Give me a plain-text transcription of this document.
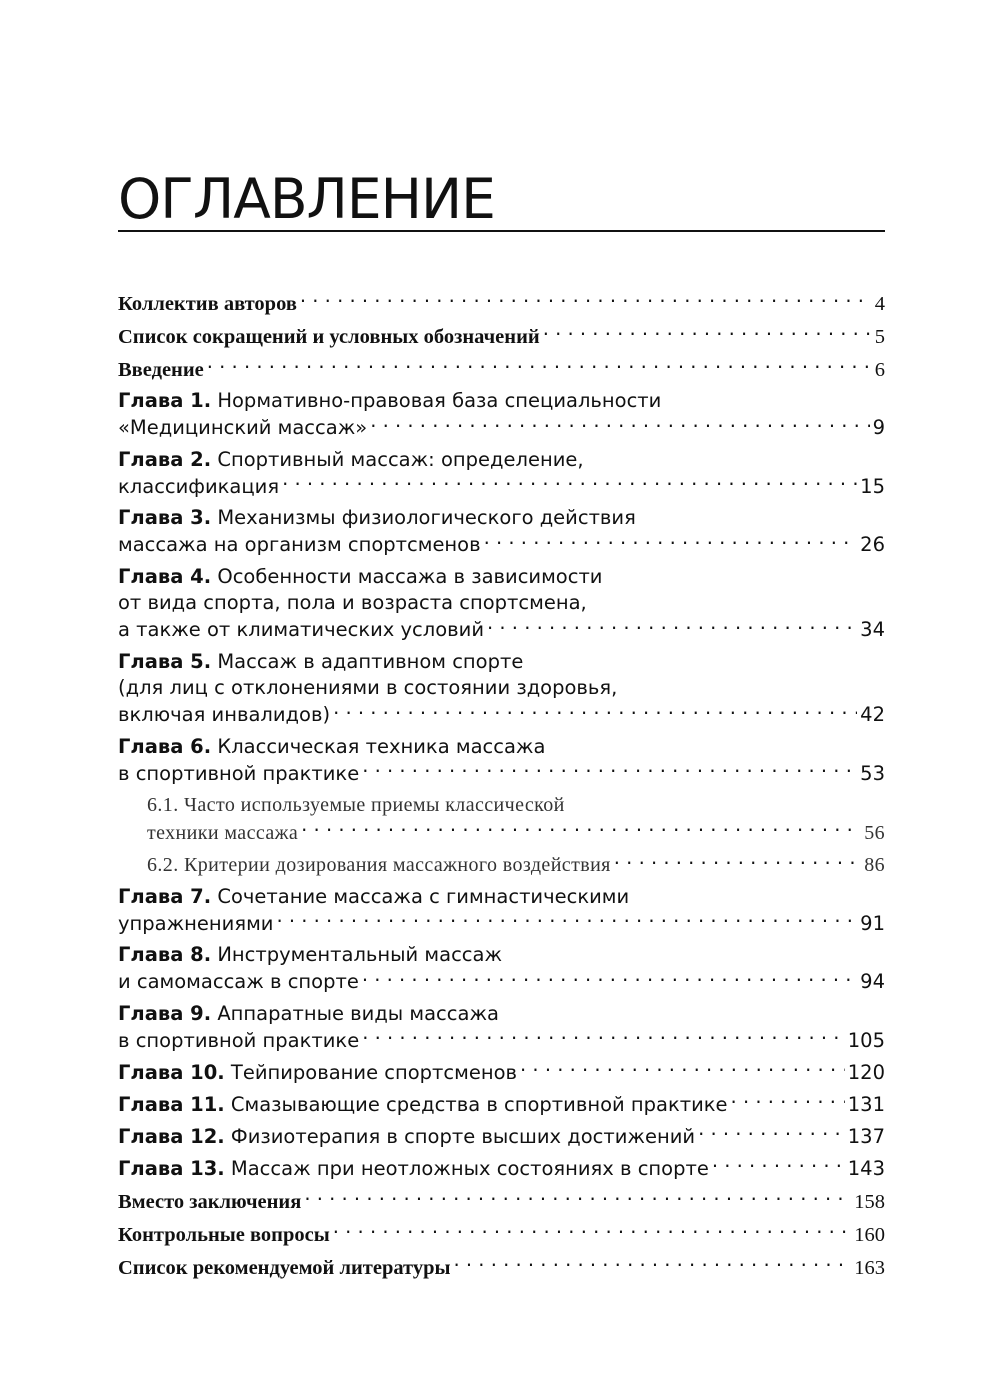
ОГЛАВЛЕНИЕ
Коллектив авторов . . .	4
Список сокращений и условных обозначений . . .	5
Введение . . .	6
Глава 1.
Нормативно-правовая база специальности
«Медицинский массаж» . . .	9
Глава 2.
Спортивный массаж: определение,
классификация . . .	15
Глава 3.
Механизмы физиологического действия
массажа на организм спортсменов . . .	26
Глава 4.
Особенности массажа в зависимости
от вида спорта, пола и возраста спортсмена,
а также от климатических условий . . .	34
Глава 5.
Массаж в адаптивном спорте
(для лиц с отклонениями в состоянии здоровья,
включая инвалидов) . . .	42
Глава 6.
Классическая техника массажа
в спортивной практике . . .	53
6.1. Часто используемые приемы классической
техники массажа . . .	56
6.2. Критерии дозирования массажного воздействия . . .	86
Глава 7.
Сочетание массажа с гимнастическими
упражнениями . . .	91
Глава 8.
Инструментальный массаж
и самомассаж в спорте . . .	94
Глава 9.
Аппаратные виды массажа
в спортивной практике . . .	105
Глава 10.
Тейпирование спортсменов . . .	120
Глава 11.
Смазывающие средства в спортивной практике . . .	131
Глава 12.
Физиотерапия в спорте высших достижений . . .	137
Глава 13.
Массаж при неотложных состояниях в спорте . . .	143
Вместо заключения . . .	158
Контрольные вопросы . . .	160
Список рекомендуемой литературы . . .	163
